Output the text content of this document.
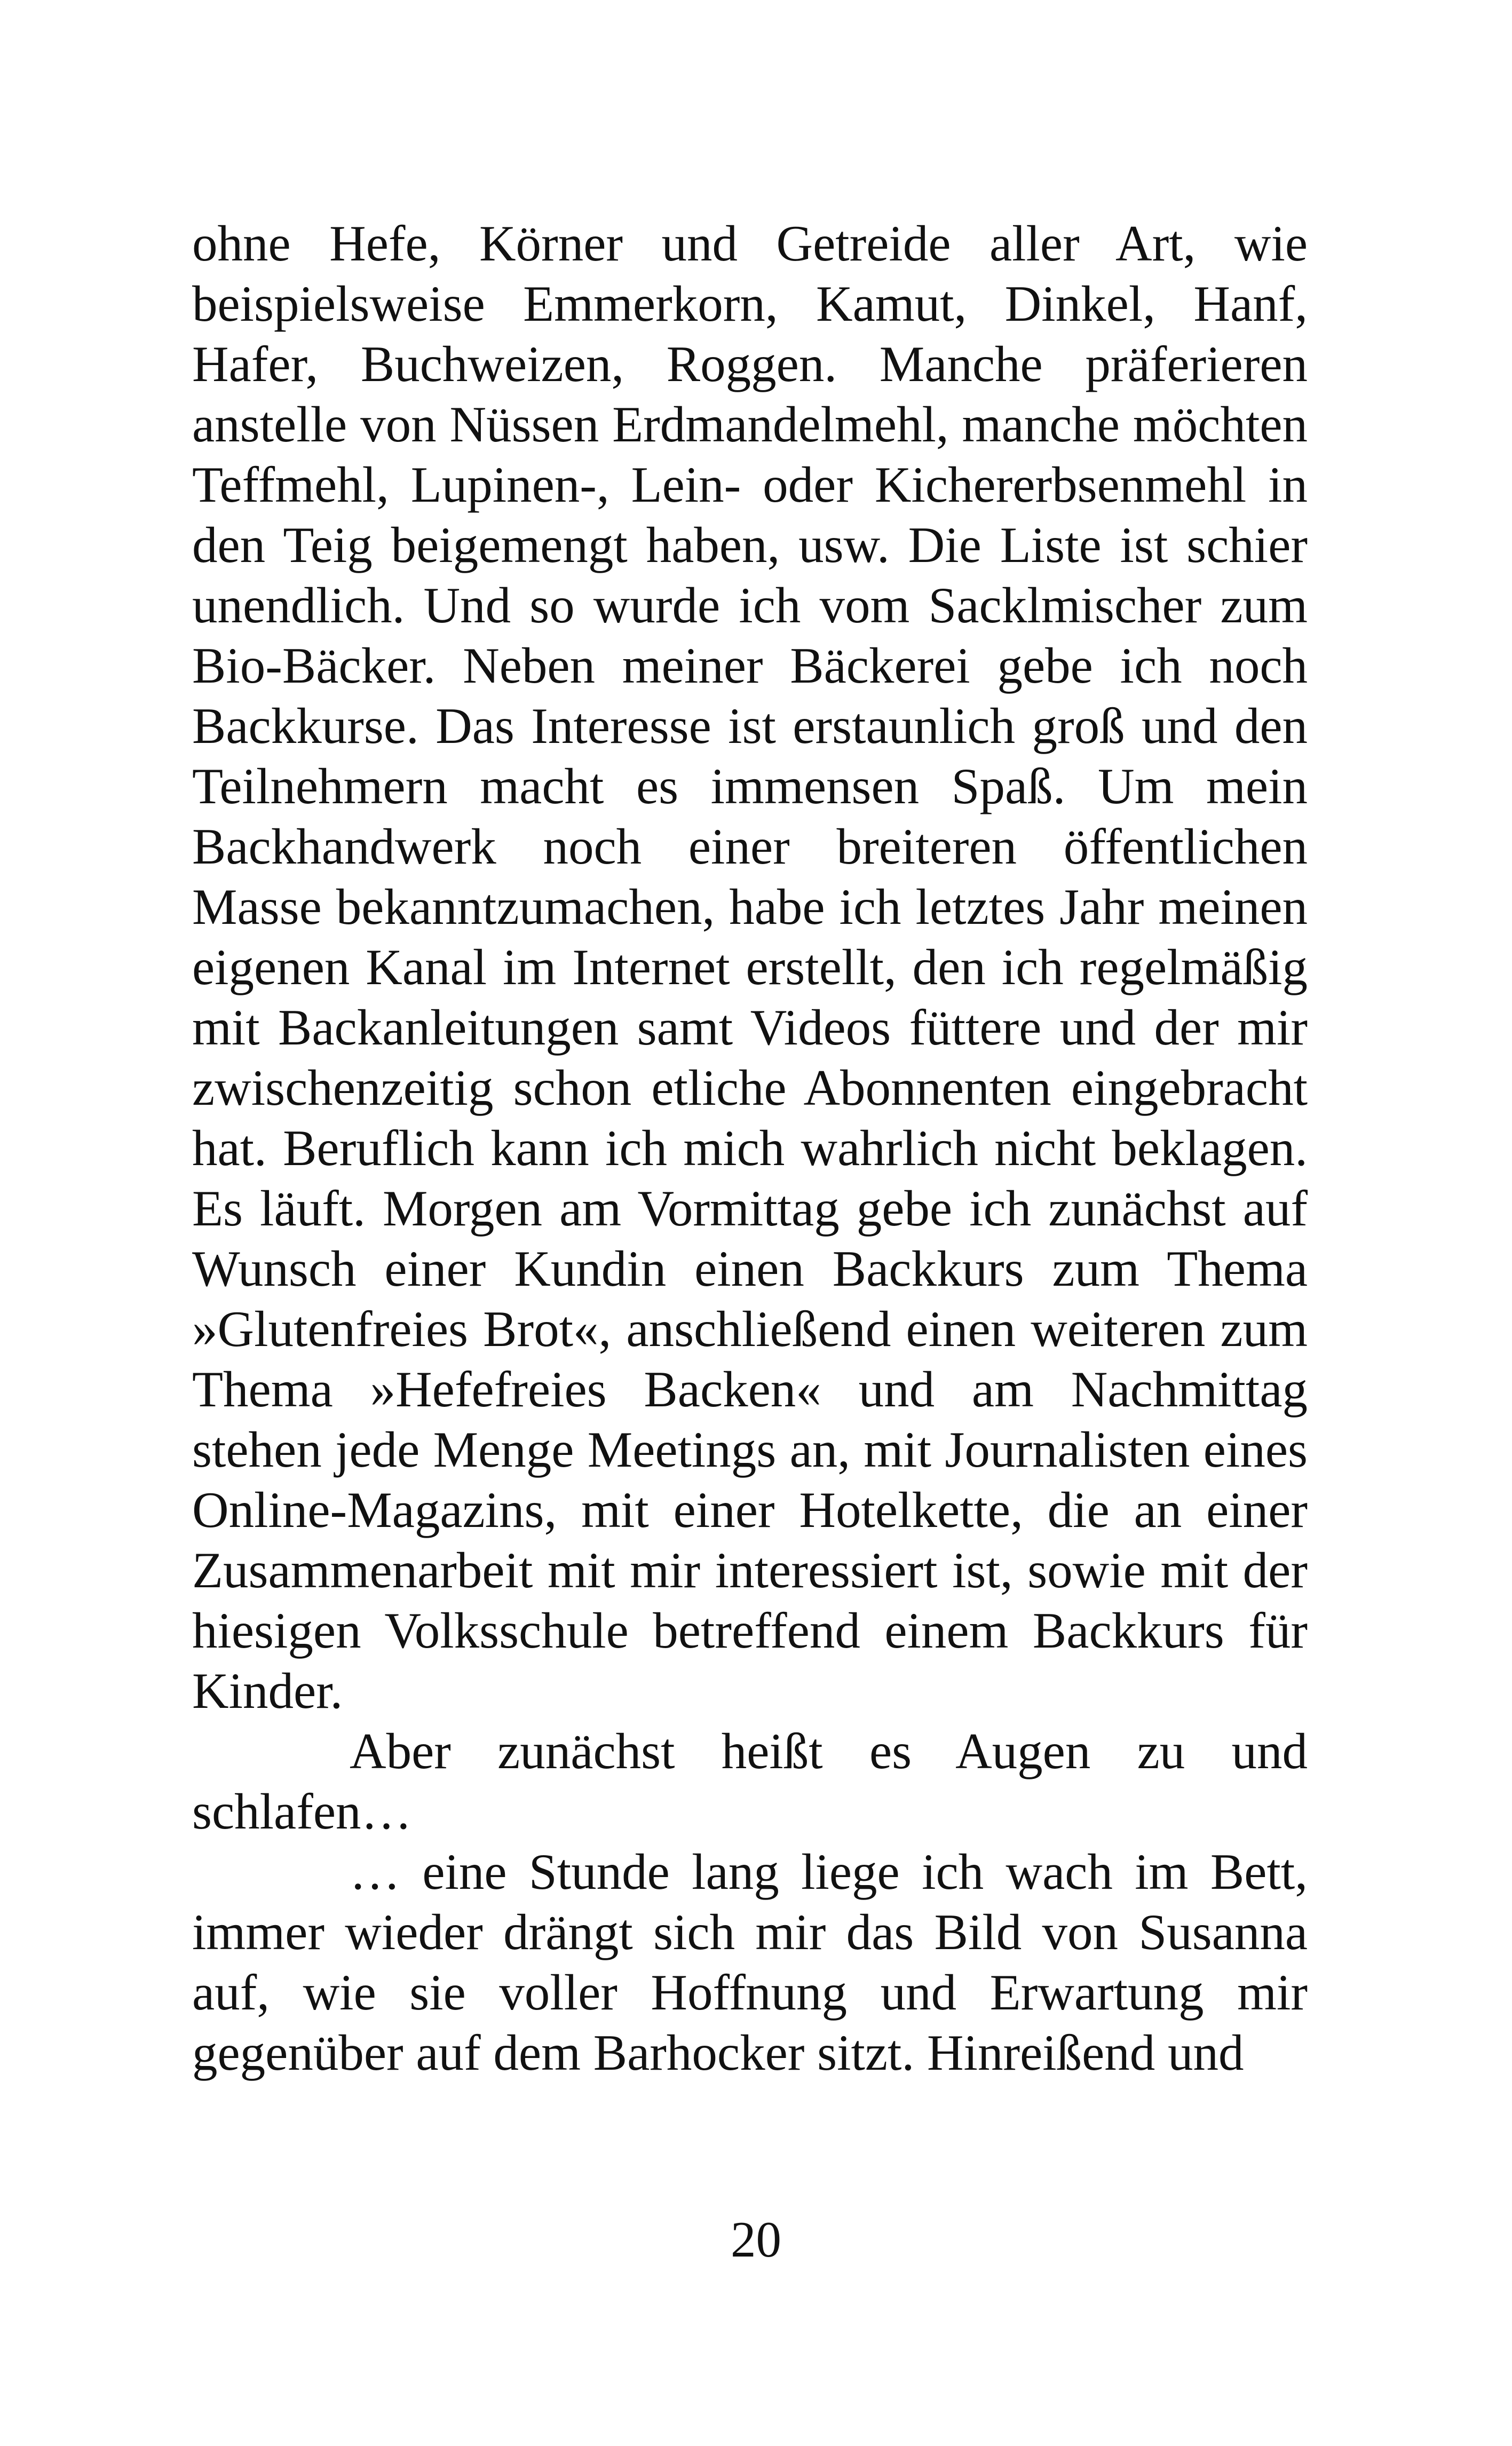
ohne Hefe, Körner und Getreide aller Art, wie beispielsweise Emmerkorn, Kamut, Dinkel, Hanf, Hafer, Buchweizen, Roggen. Manche präferieren anstelle von Nüssen Erdmandelmehl, manche möchten Teffmehl, Lupinen-, Lein- oder Kichererbsenmehl in den Teig beigemengt haben, usw. Die Liste ist schier unendlich. Und so wurde ich vom Sacklmischer zum Bio-Bäcker. Neben meiner Bäckerei gebe ich noch Backkurse. Das Interesse ist erstaunlich groß und den Teilnehmern macht es immensen Spaß. Um mein Backhandwerk noch einer breiteren öffentlichen Masse bekanntzumachen, habe ich letztes Jahr meinen eigenen Kanal im Internet erstellt, den ich regelmäßig mit Backanleitungen samt Videos füttere und der mir zwischenzeitig schon etliche Abonnenten eingebracht hat. Beruflich kann ich mich wahrlich nicht beklagen. Es läuft. Morgen am Vormittag gebe ich zunächst auf Wunsch einer Kundin einen Backkurs zum Thema »Glutenfreies Brot«, anschließend einen weiteren zum Thema »Hefefreies Backen« und am Nachmittag stehen jede Menge Meetings an, mit Journalisten eines Online-Magazins, mit einer Hotelkette, die an einer Zusammenarbeit mit mir interessiert ist, sowie mit der hiesigen Volksschule betreffend einem Backkurs für Kinder.

Aber zunächst heißt es Augen zu und schlafen…

… eine Stunde lang liege ich wach im Bett, immer wieder drängt sich mir das Bild von Susanna auf, wie sie voller Hoffnung und Erwartung mir gegenüber auf dem Barhocker sitzt. Hinreißend und

20
